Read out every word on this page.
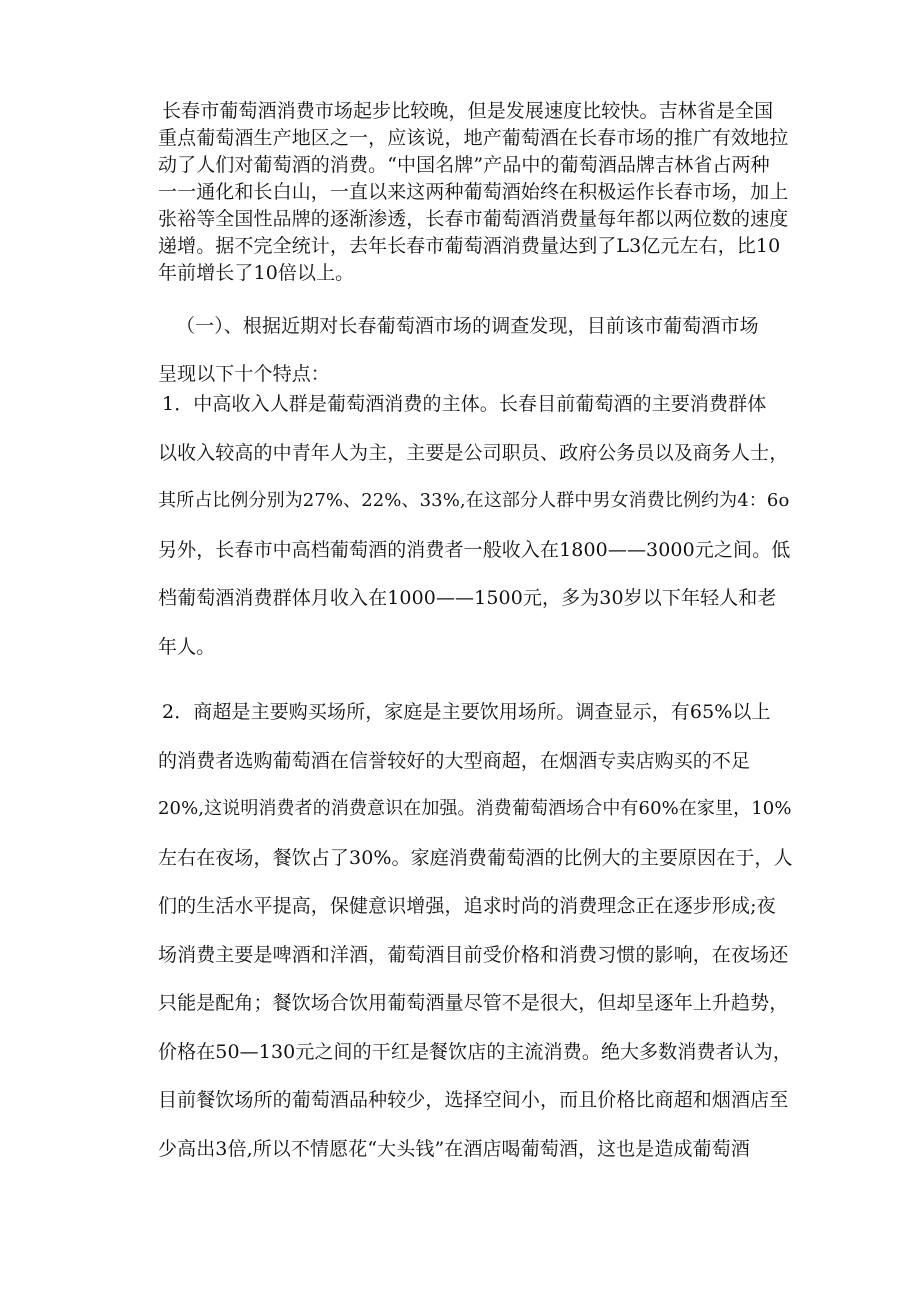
长春市葡萄酒消费市场起步比较晚，但是发展速度比较快。吉林省是全国
重点葡萄酒生产地区之一，应该说，地产葡萄酒在长春市场的推广有效地拉
动了人们对葡萄酒的消费。“中国名牌”产品中的葡萄酒品牌吉林省占两种
一一通化和长白山，一直以来这两种葡萄酒始终在积极运作长春市场，加上
张裕等全国性品牌的逐渐渗透，长春市葡萄酒消费量每年都以两位数的速度
递增。据不完全统计，去年长春市葡萄酒消费量达到了L3亿元左右，比10
年前增长了10倍以上。
（一）、根据近期对长春葡萄酒市场的调查发现，目前该市葡萄酒市场
呈现以下十个特点：
1．中高收入人群是葡萄酒消费的主体。长春目前葡萄酒的主要消费群体
以收入较高的中青年人为主，主要是公司职员、政府公务员以及商务人士，
其所占比例分别为27%、22%、33%,在这部分人群中男女消费比例约为4：6o
另外，长春市中高档葡萄酒的消费者一般收入在1800——3000元之间。低
档葡萄酒消费群体月收入在1000——1500元，多为30岁以下年轻人和老
年人。
2．商超是主要购买场所，家庭是主要饮用场所。调查显示，有65%以上
的消费者选购葡萄酒在信誉较好的大型商超，在烟酒专卖店购买的不足
20%,这说明消费者的消费意识在加强。消费葡萄酒场合中有60%在家里，10%
左右在夜场，餐饮占了30%。家庭消费葡萄酒的比例大的主要原因在于，人
们的生活水平提高，保健意识增强，追求时尚的消费理念正在逐步形成;夜
场消费主要是啤酒和洋酒，葡萄酒目前受价格和消费习惯的影响，在夜场还
只能是配角；餐饮场合饮用葡萄酒量尽管不是很大，但却呈逐年上升趋势，
价格在50—130元之间的干红是餐饮店的主流消费。绝大多数消费者认为，
目前餐饮场所的葡萄酒品种较少，选择空间小，而且价格比商超和烟酒店至
少高出3倍,所以不情愿花“大头钱”在酒店喝葡萄酒，这也是造成葡萄酒
